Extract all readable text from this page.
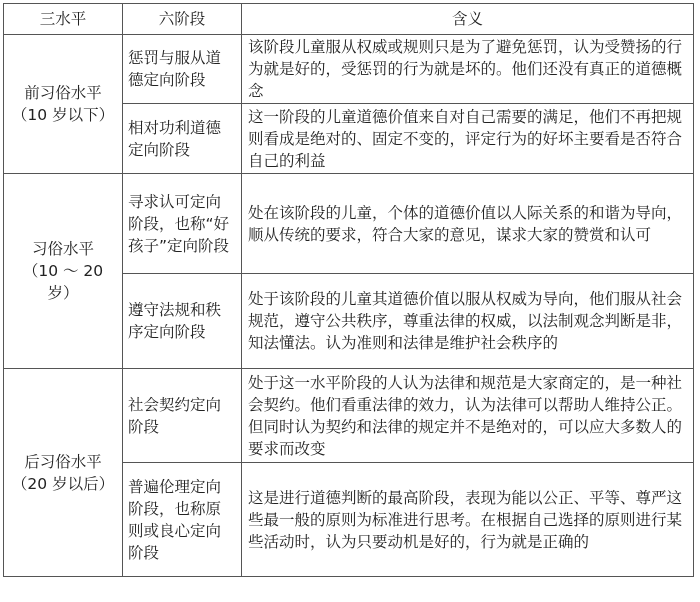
三水平	六阶段	含义

前习俗水平
（10 岁以下）	惩罚与服从道德定向阶段	该阶段儿童服从权威或规则只是为了避免惩罚，认为受赞扬的行为就是好的，受惩罚的行为就是坏的。他们还没有真正的道德概念
	相对功利道德定向阶段	这一阶段的儿童道德价值来自对自己需要的满足，他们不再把规则看成是绝对的、固定不变的，评定行为的好坏主要看是否符合自己的利益

习俗水平
（10 ～ 20 岁）	寻求认可定向阶段，也称“好孩子”定向阶段	处在该阶段的儿童，个体的道德价值以人际关系的和谐为导向，顺从传统的要求，符合大家的意见，谋求大家的赞赏和认可
	遵守法规和秩序定向阶段	处于该阶段的儿童其道德价值以服从权威为导向，他们服从社会规范，遵守公共秩序，尊重法律的权威，以法制观念判断是非，知法懂法。认为准则和法律是维护社会秩序的

后习俗水平
（20 岁以后）	社会契约定向阶段	处于这一水平阶段的人认为法律和规范是大家商定的，是一种社会契约。他们看重法律的效力，认为法律可以帮助人维持公正。但同时认为契约和法律的规定并不是绝对的，可以应大多数人的要求而改变
	普遍伦理定向阶段，也称原则或良心定向阶段	这是进行道德判断的最高阶段，表现为能以公正、平等、尊严这些最一般的原则为标准进行思考。在根据自己选择的原则进行某些活动时，认为只要动机是好的，行为就是正确的
